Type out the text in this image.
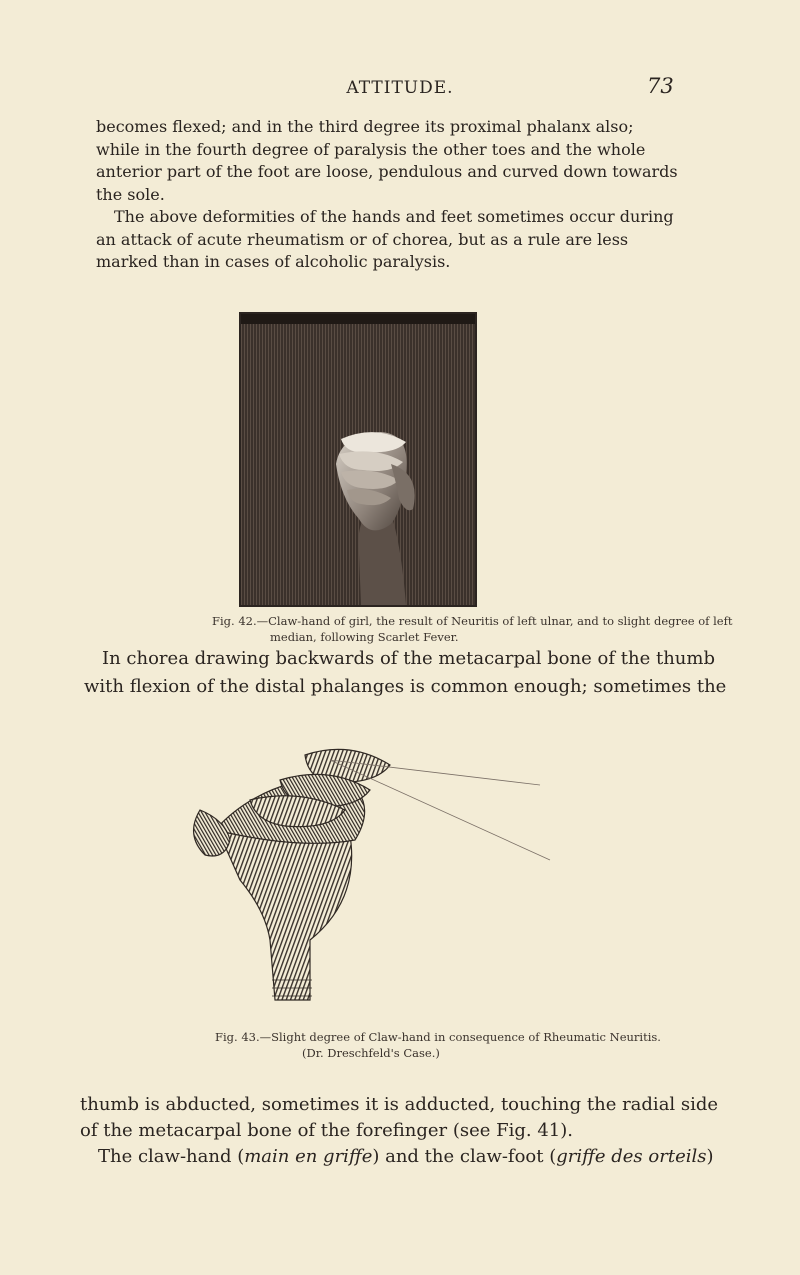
ATTITUDE.	73

becomes flexed; and in the third degree its proximal phalanx also;
while in the fourth degree of paralysis the other toes and the whole
anterior part of the foot are loose, pendulous and curved down towards
the sole.

The above deformities of the hands and feet sometimes occur during
an attack of acute rheumatism or of chorea, but as a rule are less
marked than in cases of alcoholic paralysis.

Fig. 42.—Claw-hand of girl, the result of Neuritis of left ulnar, and to slight degree of left
median, following Scarlet Fever.

In chorea drawing backwards of the metacarpal bone of the thumb
with flexion of the distal phalanges is common enough; sometimes the

Fig. 43.—Slight degree of Claw-hand in consequence of Rheumatic Neuritis.
(Dr. Dreschfeld's Case.)

thumb is abducted, sometimes it is adducted, touching the radial side
of the metacarpal bone of the forefinger (see Fig. 41).
The claw-hand (main en griffe) and the claw-foot (griffe des orteils)
